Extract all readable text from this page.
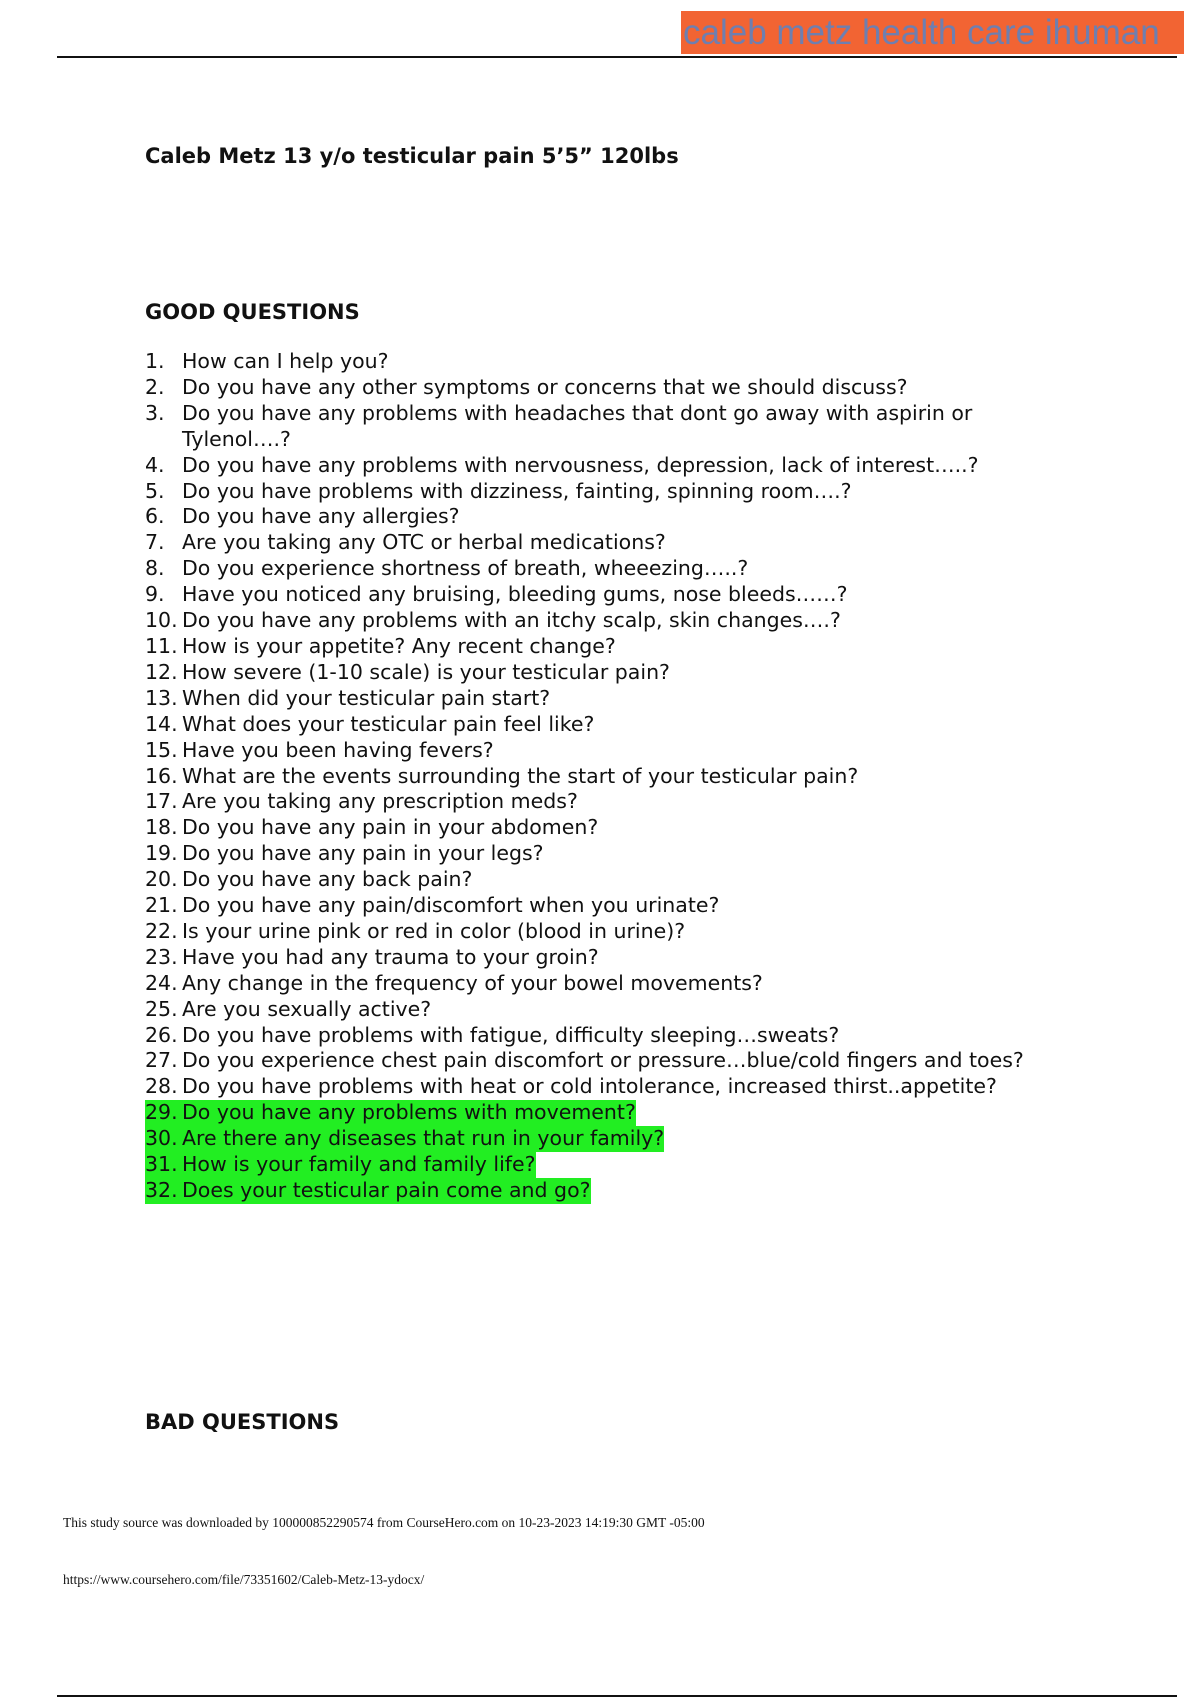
caleb metz health care ihuman
Caleb Metz 13 y/o testicular pain 5’5” 120lbs
GOOD QUESTIONS
1. How can I help you?
2. Do you have any other symptoms or concerns that we should discuss?
3. Do you have any problems with headaches that dont go away with aspirin or Tylenol….?
4. Do you have any problems with nervousness, depression, lack of interest…..?
5. Do you have problems with dizziness, fainting, spinning room….?
6. Do you have any allergies?
7. Are you taking any OTC or herbal medications?
8. Do you experience shortness of breath, wheeezing…..?
9. Have you noticed any bruising, bleeding gums, nose bleeds……?
10. Do you have any problems with an itchy scalp, skin changes….?
11. How is your appetite? Any recent change?
12. How severe (1-10 scale) is your testicular pain?
13. When did your testicular pain start?
14. What does your testicular pain feel like?
15. Have you been having fevers?
16. What are the events surrounding the start of your testicular pain?
17. Are you taking any prescription meds?
18. Do you have any pain in your abdomen?
19. Do you have any pain in your legs?
20. Do you have any back pain?
21. Do you have any pain/discomfort when you urinate?
22. Is your urine pink or red in color (blood in urine)?
23. Have you had any trauma to your groin?
24. Any change in the frequency of your bowel movements?
25. Are you sexually active?
26. Do you have problems with fatigue, difficulty sleeping…sweats?
27. Do you experience chest pain discomfort or pressure…blue/cold fingers and toes?
28. Do you have problems with heat or cold intolerance, increased thirst..appetite?
29. Do you have any problems with movement?
30. Are there any diseases that run in your family?
31. How is your family and family life?
32. Does your testicular pain come and go?
BAD QUESTIONS
This study source was downloaded by 100000852290574 from CourseHero.com on 10-23-2023 14:19:30 GMT -05:00
https://www.coursehero.com/file/73351602/Caleb-Metz-13-ydocx/
